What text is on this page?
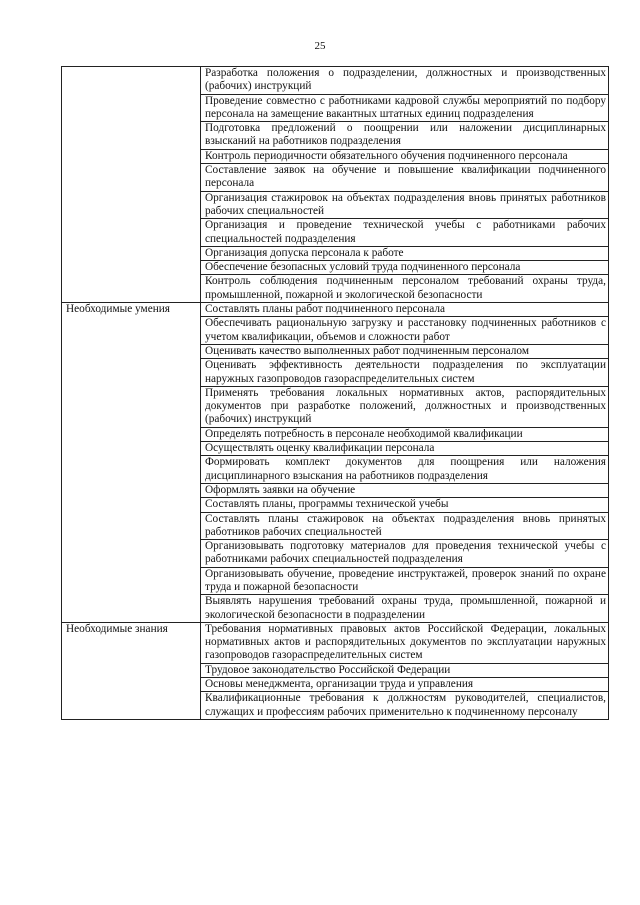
25
	Разработка положения о подразделении, должностных и производственных (рабочих) инструкций
	Проведение совместно с работниками кадровой службы мероприятий по подбору персонала на замещение вакантных штатных единиц подразделения
	Подготовка предложений о поощрении или наложении дисциплинарных взысканий на работников подразделения
	Контроль периодичности обязательного обучения подчиненного персонала
	Составление заявок на обучение и повышение квалификации подчиненного персонала
	Организация стажировок на объектах подразделения вновь принятых работников рабочих специальностей
	Организация и проведение технической учебы с работниками рабочих специальностей подразделения
	Организация допуска персонала к работе
	Обеспечение безопасных условий труда подчиненного персонала
	Контроль соблюдения подчиненным персоналом требований охраны труда, промышленной, пожарной и экологической безопасности
Необходимые умения	Составлять планы работ подчиненного персонала
	Обеспечивать рациональную загрузку и расстановку подчиненных работников с учетом квалификации, объемов и сложности работ
	Оценивать качество выполненных работ подчиненным персоналом
	Оценивать эффективность деятельности подразделения по эксплуатации наружных газопроводов газораспределительных систем
	Применять требования локальных нормативных актов, распорядительных документов при разработке положений, должностных и производственных (рабочих) инструкций
	Определять потребность в персонале необходимой квалификации
	Осуществлять оценку квалификации персонала
	Формировать комплект документов для поощрения или наложения дисциплинарного взыскания на работников подразделения
	Оформлять заявки на обучение
	Составлять планы, программы технической учебы
	Составлять планы стажировок на объектах подразделения вновь принятых работников рабочих специальностей
	Организовывать подготовку материалов для проведения технической учебы с работниками рабочих специальностей подразделения
	Организовывать обучение, проведение инструктажей, проверок знаний по охране труда и пожарной безопасности
	Выявлять нарушения требований охраны труда, промышленной, пожарной и экологической безопасности в подразделении
Необходимые знания	Требования нормативных правовых актов Российской Федерации, локальных нормативных актов и распорядительных документов по эксплуатации наружных газопроводов газораспределительных систем
	Трудовое законодательство Российской Федерации
	Основы менеджмента, организации труда и управления
	Квалификационные требования к должностям руководителей, специалистов, служащих и профессиям рабочих применительно к подчиненному персоналу
